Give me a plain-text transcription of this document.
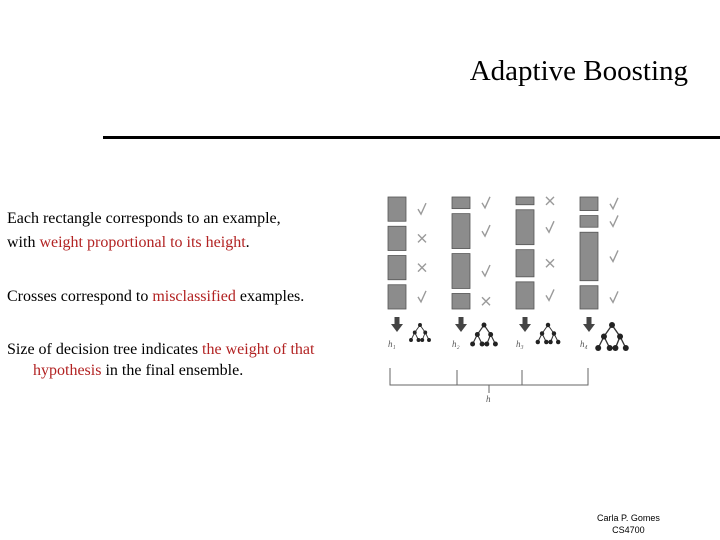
Adaptive Boosting
Each rectangle corresponds to an example,
with weight proportional to its height.
Crosses correspond to misclassified examples.
Size of decision tree indicates the weight of that
hypothesis in the final ensemble.
h₁	h₂	h₃	h₄
h
Carla P. Gomes
CS4700
